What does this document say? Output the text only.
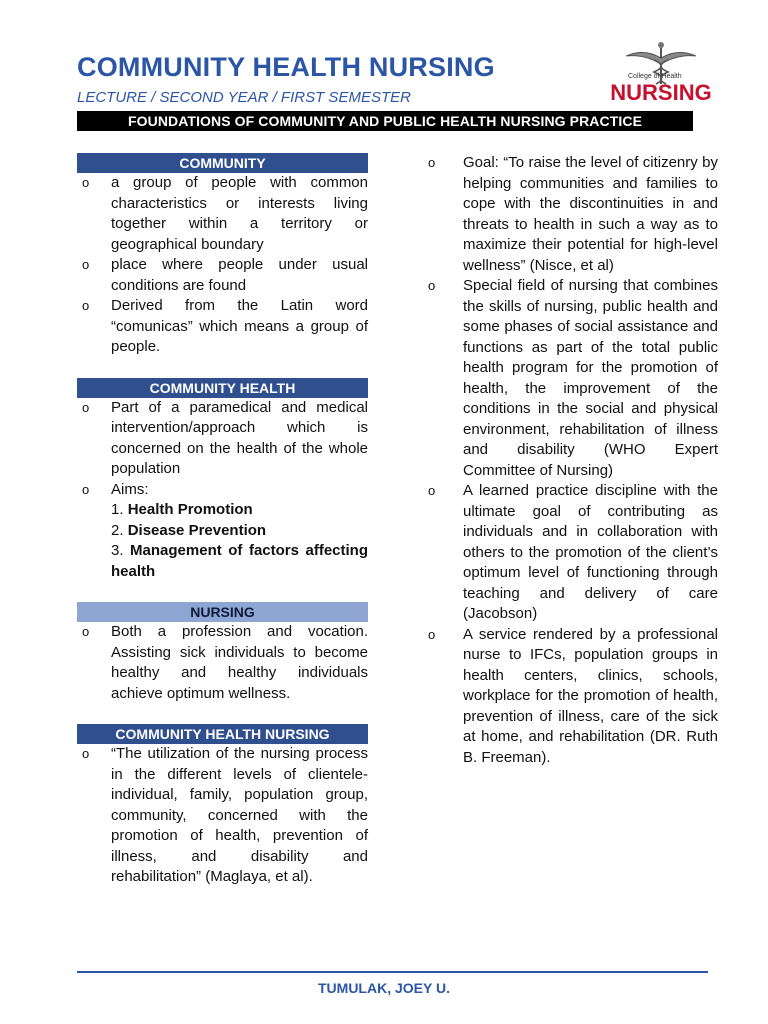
COMMUNITY HEALTH NURSING
LECTURE / SECOND YEAR / FIRST SEMESTER
College of Health
NURSING
FOUNDATIONS OF COMMUNITY AND PUBLIC HEALTH NURSING PRACTICE
COMMUNITY
o a group of people with common characteristics or interests living together within a territory or geographical boundary
o place where people under usual conditions are found
o Derived from the Latin word “comunicas” which means a group of people.
COMMUNITY HEALTH
o Part of a paramedical and medical intervention/approach which is concerned on the health of the whole population
o Aims:
1. Health Promotion
2. Disease Prevention
3. Management of factors affecting health
NURSING
o Both a profession and vocation. Assisting sick individuals to become healthy and healthy individuals achieve optimum wellness.
COMMUNITY HEALTH NURSING
o “The utilization of the nursing process in the different levels of clientele-individual, family, population group, community, concerned with the promotion of health, prevention of illness, and disability and rehabilitation” (Maglaya, et al).
o Goal: “To raise the level of citizenry by helping communities and families to cope with the discontinuities in and threats to health in such a way as to maximize their potential for high-level wellness” (Nisce, et al)
o Special field of nursing that combines the skills of nursing, public health and some phases of social assistance and functions as part of the total public health program for the promotion of health, the improvement of the conditions in the social and physical environment, rehabilitation of illness and disability (WHO Expert Committee of Nursing)
o A learned practice discipline with the ultimate goal of contributing as individuals and in collaboration with others to the promotion of the client’s optimum level of functioning through teaching and delivery of care (Jacobson)
o A service rendered by a professional nurse to IFCs, population groups in health centers, clinics, schools, workplace for the promotion of health, prevention of illness, care of the sick at home, and rehabilitation (DR. Ruth B. Freeman).
TUMULAK, JOEY U.
